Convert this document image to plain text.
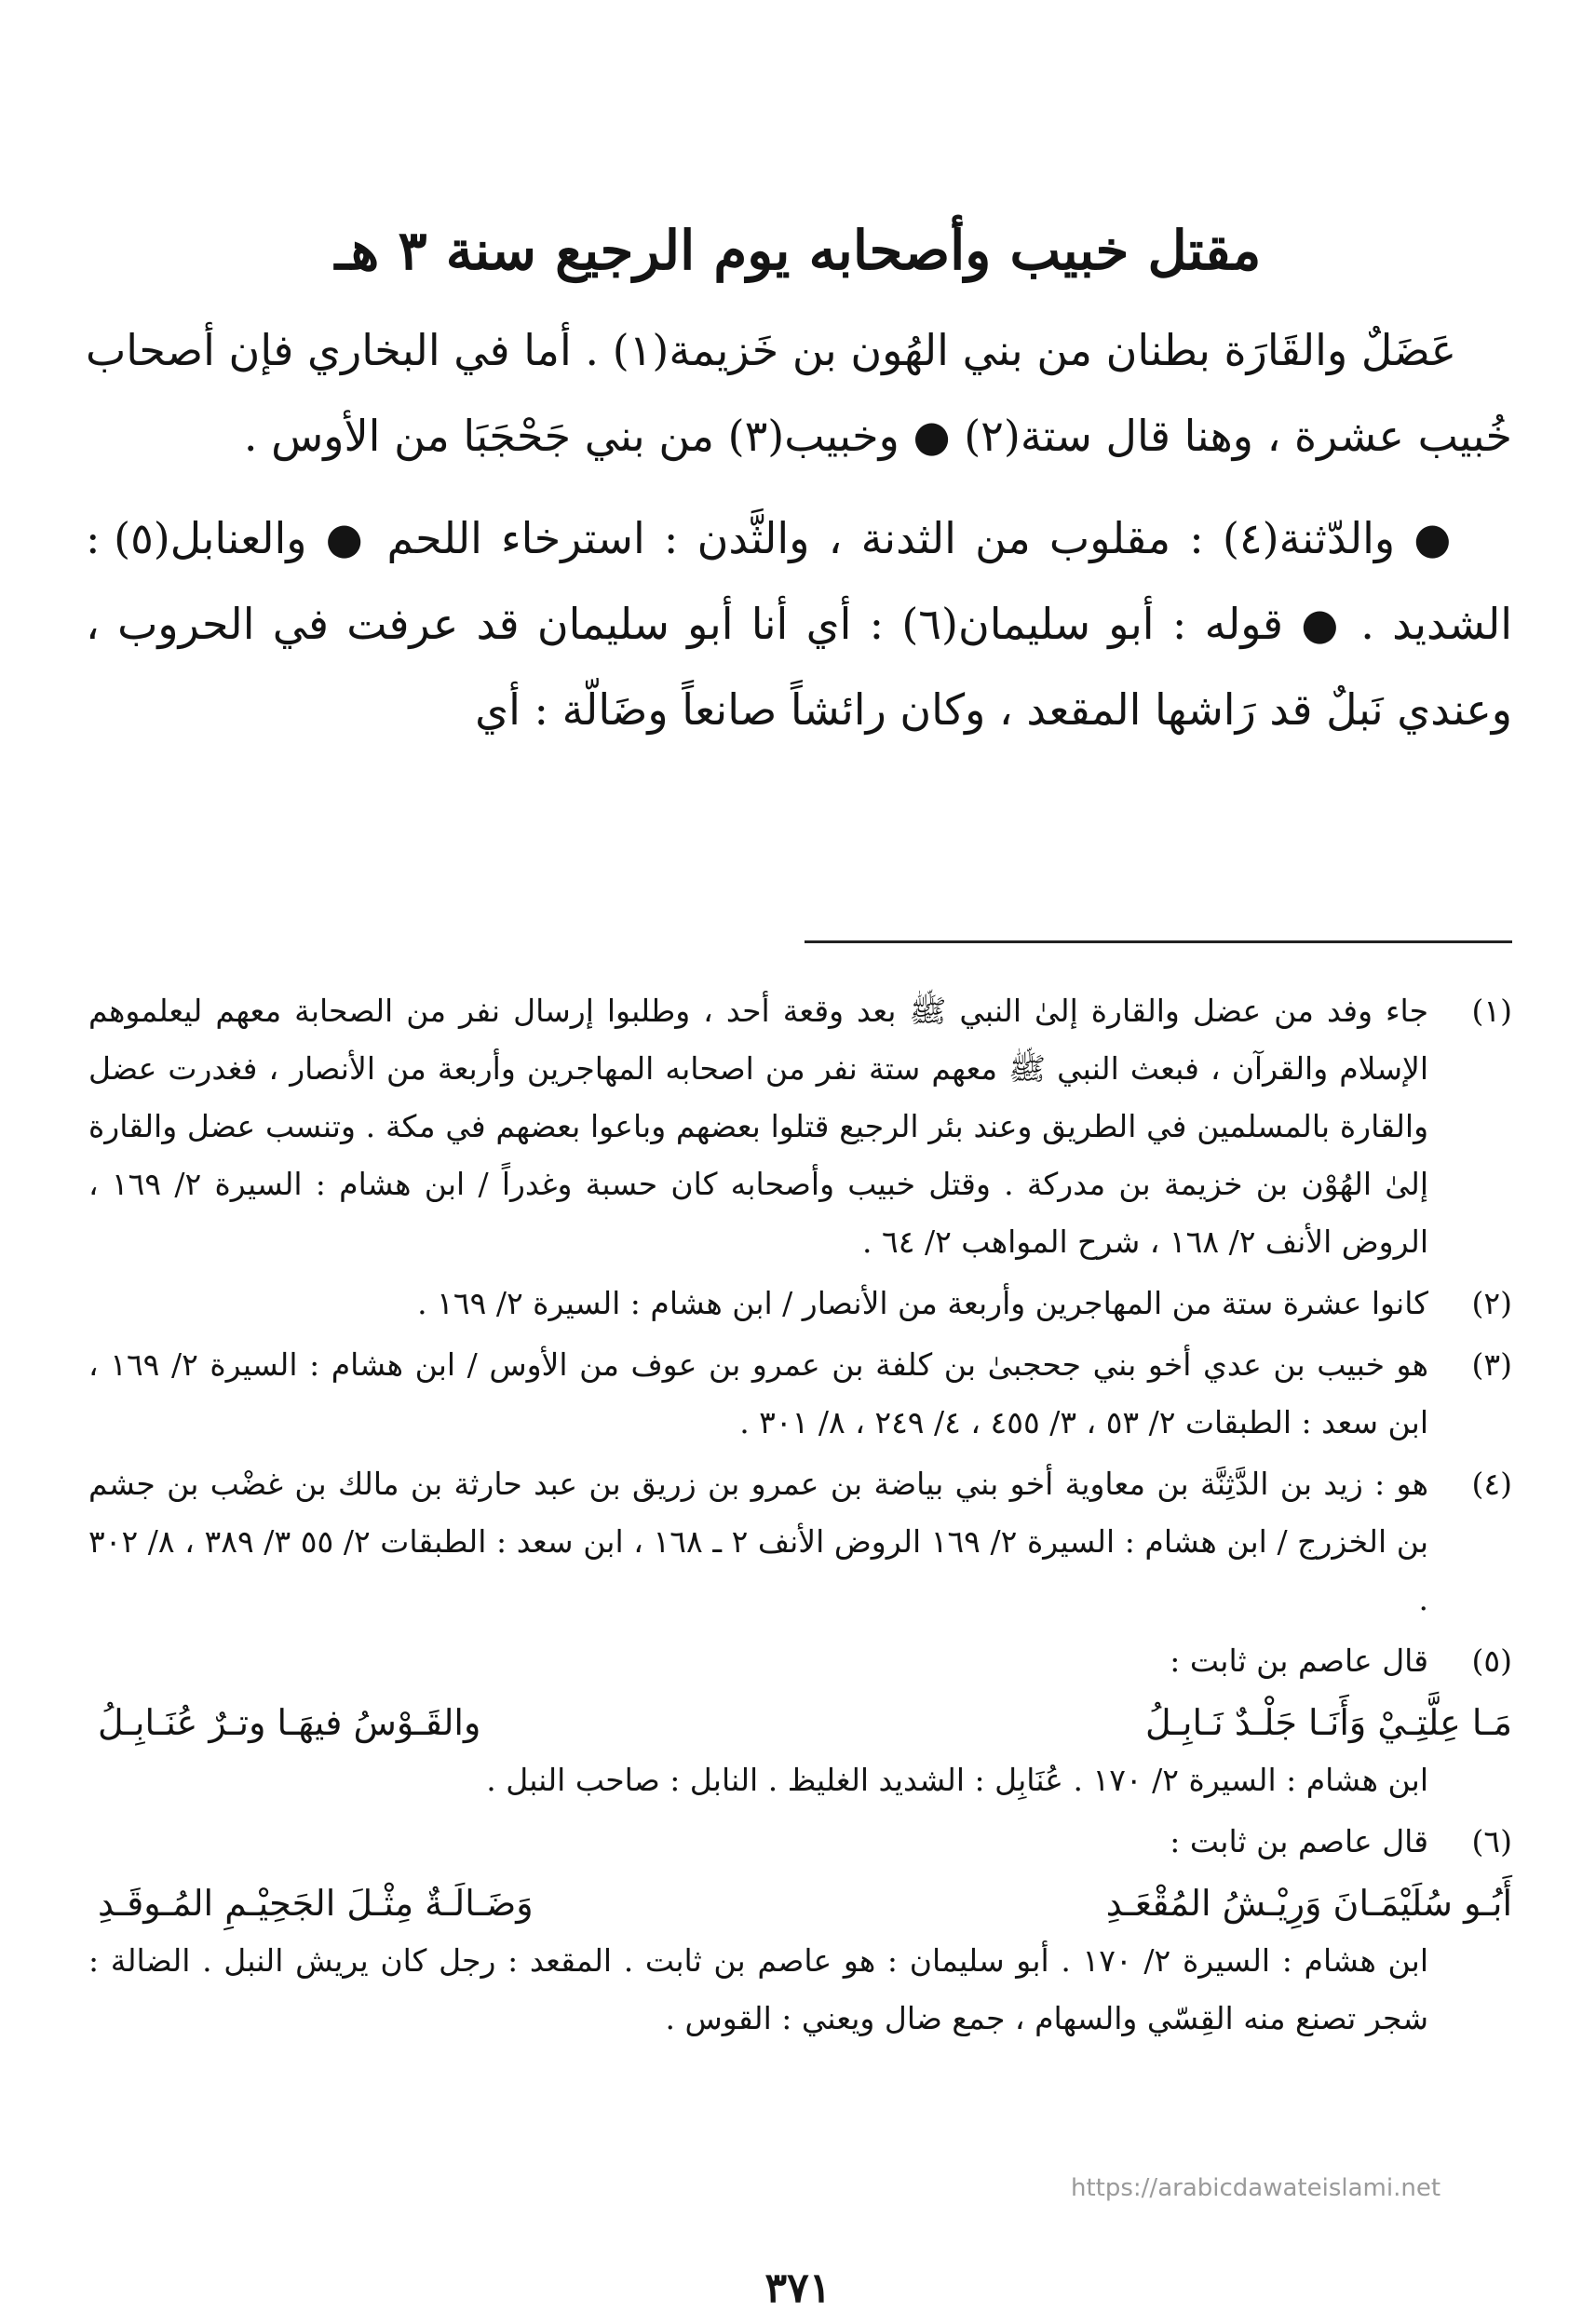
مقتل خبيب وأصحابه يوم الرجيع سنة ٣ هـ

عَضَلٌ والقَارَة بطنان من بني الهُون بن خَزيمة(١) . أما في البخاري فإن أصحاب خُبيب عشرة ، وهنا قال ستة(٢) ● وخبيب(٣) من بني جَحْجَبَا من الأوس .

● والدّثنة(٤) : مقلوب من الثدنة ، والثَّدن : استرخاء اللحم ● والعنابل(٥) : الشديد . ● قوله : أبو سليمان(٦) : أي أنا أبو سليمان قد عرفت في الحروب ، وعندي نَبلٌ قد رَاشها المقعد ، وكان رائشاً صانعاً وضَالّة : أي

(١)
جاء وفد من عضل والقارة إلىٰ النبي ﷺ بعد وقعة أحد ، وطلبوا إرسال نفر من الصحابة معهم ليعلموهم الإسلام والقرآن ، فبعث النبي ﷺ معهم ستة نفر من اصحابه المهاجرين وأربعة من الأنصار ، فغدرت عضل والقارة بالمسلمين في الطريق وعند بئر الرجيع قتلوا بعضهم وباعوا بعضهم في مكة . وتنسب عضل والقارة إلىٰ الهُوْن بن خزيمة بن مدركة . وقتل خبيب وأصحابه كان حسبة وغدراً / ابن هشام : السيرة ٢/ ١٦٩ ، الروض الأنف ٢/ ١٦٨ ، شرح المواهب ٢/ ٦٤ .
(٢)
كانوا عشرة ستة من المهاجرين وأربعة من الأنصار / ابن هشام : السيرة ٢/ ١٦٩ .
(٣)
هو خبيب بن عدي أخو بني جحجبىٰ بن كلفة بن عمرو بن عوف من الأوس / ابن هشام : السيرة ٢/ ١٦٩ ، ابن سعد : الطبقات ٢/ ٥٣ ، ٣/ ٤٥٥ ، ٤/ ٢٤٩ ، ٨/ ٣٠١ .
(٤)
هو : زيد بن الدَّثِنَّة بن معاوية أخو بني بياضة بن عمرو بن زريق بن عبد حارثة بن مالك بن غضْب بن جشم بن الخزرج / ابن هشام : السيرة ٢/ ١٦٩ الروض الأنف ٢ ـ ١٦٨ ، ابن سعد : الطبقات ٢/ ٥٥ ٣/ ٣٨٩ ، ٨/ ٣٠٢ .
(٥)
قال عاصم بن ثابت :
مَـا عِلَّتِـيْ وَأَنَـا جَلْـدٌ نَـابِـلُ
والقَـوْسُ فيهَـا وتـرٌ عُنَـابِـلُ
ابن هشام : السيرة ٢/ ١٧٠ . عُنَابِل : الشديد الغليظ . النابل : صاحب النبل .
(٦)
قال عاصم بن ثابت :
أَبُـو سُلَيْمَـانَ وَرِيْـشُ المُقْعَـدِ
وَضَـالَـةٌ مِثْـلَ الجَحِيْـمِ المُـوقَـدِ
ابن هشام : السيرة ٢/ ١٧٠ . أبو سليمان : هو عاصم بن ثابت . المقعد : رجل كان يريش النبل . الضالة : شجر تصنع منه القِسّي والسهام ، جمع ضال ويعني : القوس .
https://arabicdawateislami.net
٣٧١
